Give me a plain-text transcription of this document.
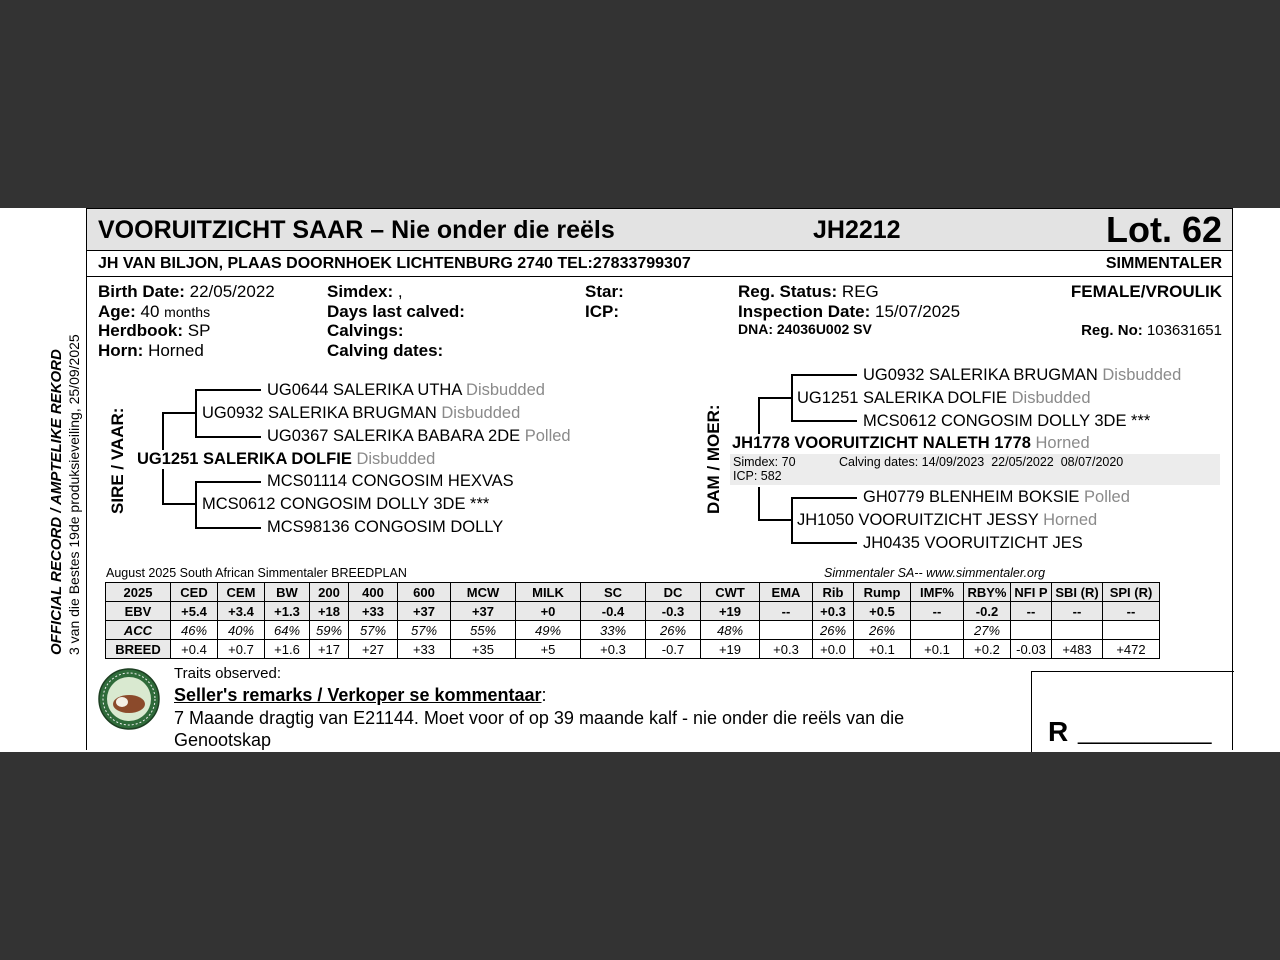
OFFICIAL RECORD / AMPTELIKE REKORD 3 van die Bestes 19de produksieveiling, 25/09/2025
VOORUITZICHT SAAR – Nie onder die reëls	JH2212	Lot. 62
JH VAN BILJON, PLAAS DOORNHOEK LICHTENBURG 2740 TEL:27833799307	SIMMENTALER
Birth Date: 22/05/2022
Age: 40 months
Herdbook: SP
Horn: Horned
Simdex: ,
Days last calved:
Calvings:
Calving dates:
Star:
ICP:
Reg. Status: REG
Inspection Date: 15/07/2025
DNA: 24036U002 SV
FEMALE/VROULIK
Reg. No: 103631651
SIRE / VAAR:
UG0644 SALERIKA UTHA Disbudded
UG0932 SALERIKA BRUGMAN Disbudded
UG0367 SALERIKA BABARA 2DE Polled
UG1251 SALERIKA DOLFIE Disbudded
MCS01114 CONGOSIM HEXVAS
MCS0612 CONGOSIM DOLLY 3DE ***
MCS98136 CONGOSIM DOLLY
DAM / MOER:
UG0932 SALERIKA BRUGMAN Disbudded
UG1251 SALERIKA DOLFIE Disbudded
MCS0612 CONGOSIM DOLLY 3DE ***
JH1778 VOORUITZICHT NALETH 1778 Horned
Simdex: 70
ICP: 582
Calving dates: 14/09/2023  22/05/2022  08/07/2020
GH0779 BLENHEIM BOKSIE Polled
JH1050 VOORUITZICHT JESSY Horned
JH0435 VOORUITZICHT JES
August 2025 South African Simmentaler BREEDPLAN	Simmentaler SA-- www.simmentaler.org
2025	CED	CEM	BW	200	400	600	MCW	MILK	SC	DC	CWT	EMA	Rib	Rump	IMF%	RBY%	NFI P	SBI (R)	SPI (R)
EBV	+5.4	+3.4	+1.3	+18	+33	+37	+37	+0	-0.4	-0.3	+19	--	+0.3	+0.5	--	-0.2	--	--	--
ACC	46%	40%	64%	59%	57%	57%	55%	49%	33%	26%	48%		26%	26%		27%			
BREED	+0.4	+0.7	+1.6	+17	+27	+33	+35	+5	+0.3	-0.7	+19	+0.3	+0.0	+0.1	+0.1	+0.2	-0.03	+483	+472
Traits observed:
Seller's remarks / Verkoper se kommentaar:
7 Maande dragtig van E21144. Moet voor of op 39 maande kalf - nie onder die reëls van die
Genootskap	R __________
